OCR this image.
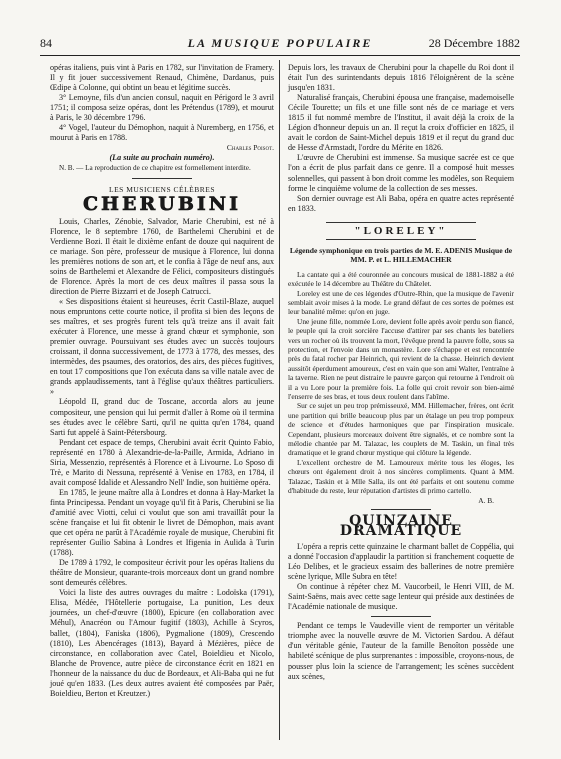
84	LA MUSIQUE POPULAIRE	28 Décembre 1882

opéras italiens, puis vint à Paris en 1782, sur l'invitation de Framery. Il y fit jouer successivement Renaud, Chimène, Dardanus, puis Œdipe à Colonne, qui obtint un beau et légitime succès.

3° Lemoyne, fils d'un ancien consul, naquit en Périgord le 3 avril 1751; il composa seize opéras, dont les Prétendus (1789), et mourut à Paris, le 30 décembre 1796.

4° Vogel, l'auteur du Démophon, naquit à Nuremberg, en 1756, et mourut à Paris en 1788.

Charles Poisot.
(La suite au prochain numéro).

N. B. — La reproduction de ce chapitre est formellement interdite.

LES MUSICIENS CÉLÈBRES
CHERUBINI

Louis, Charles, Zénobie, Salvador, Marie Cherubini, est né à Florence, le 8 septembre 1760, de Barthelemi Cherubini et de Verdienne Bozi. Il était le dixième enfant de douze qui naquirent de ce mariage. Son père, professeur de musique à Florence, lui donna les premières notions de son art, et le confia à l'âge de neuf ans, aux soins de Barthelemi et Alexandre de Félici, compositeurs distingués de Florence. Après la mort de ces deux maîtres il passa sous la direction de Pierre Bizzarri et de Joseph Catrucci.

« Ses dispositions étaient si heureuses, écrit Castil-Blaze, auquel nous empruntons cette courte notice, il profita si bien des leçons de ses maîtres, et ses progrès furent tels qu'à treize ans il avait fait exécuter à Florence, une messe à grand chœur et symphonie, son premier ouvrage. Poursuivant ses études avec un succès toujours croissant, il donna successivement, de 1773 à 1778, des messes, des intermèdes, des psaumes, des oratorios, des airs, des pièces fugitives, en tout 17 compositions que l'on exécuta dans sa ville natale avec de grands applaudissements, tant à l'église qu'aux théâtres particuliers. »

Léopold II, grand duc de Toscane, accorda alors au jeune compositeur, une pension qui lui permit d'aller à Rome où il termina ses études avec le célèbre Sarti, qu'il ne quitta qu'en 1784, quand Sarti fut appelé à Saint-Pétersbourg.

Pendant cet espace de temps, Cherubini avait écrit Quinto Fabio, représenté en 1780 à Alexandrie-de-la-Paille, Armida, Adriano in Siria, Messenzio, représentés à Florence et à Livourne. Lo Sposo di Trè, e Marito di Nessuna, représenté à Venise en 1783, en 1784, il avait composé Idalide et Alessandro Nell' Indie, son huitième opéra.

En 1785, le jeune maître alla à Londres et donna à Hay-Market la finta Principessa. Pendant un voyage qu'il fit à Paris, Cherubini se lia d'amitié avec Viotti, celui ci voulut que son ami travaillât pour la scène française et lui fit obtenir le livret de Démophon, mais avant que cet opéra ne parût à l'Académie royale de musique, Cherubini fit représenter Guilio Sabina à Londres et Ifigenia in Aulida à Turin (1788).

De 1789 à 1792, le compositeur écrivit pour les opéras Italiens du théâtre de Monsieur, quarante-trois morceaux dont un grand nombre sont demeurés célèbres.

Voici la liste des autres ouvrages du maître : Lodoïska (1791), Elisa, Médée, l'Hôtellerie portugaise, La punition, Les deux journées, un chef-d'œuvre (1800), Epicure (en collaboration avec Méhul), Anacréon ou l'Amour fugitif (1803), Achille à Scyros, ballet, (1804), Faniska (1806), Pygmalione (1809), Crescendo (1810), Les Abencérages (1813), Bayard à Mézières, pièce de circonstance, en collaboration avec Catel, Boieldieu et Nicolo, Blanche de Provence, autre pièce de circonstance écrit en 1821 en l'honneur de la naissance du duc de Bordeaux, et Ali-Baba qui ne fut joué qu'en 1833. (Les deux autres avaient été composées par Paër, Boieldieu, Berton et Kreutzer.)

Depuis lors, les travaux de Cherubini pour la chapelle du Roi dont il était l'un des surintendants depuis 1816 l'éloignèrent de la scène jusqu'en 1831.

Naturalisé français, Cherubini épousa une française, mademoiselle Cécile Tourette; un fils et une fille sont nés de ce mariage et vers 1815 il fut nommé membre de l'Institut, il avait déjà la croix de la Légion d'honneur depuis un an. Il reçut la croix d'officier en 1825, il avait le cordon de Saint-Michel depuis 1819 et il reçut du grand duc de Hesse d'Armstadt, l'ordre du Mérite en 1826.

L'œuvre de Cherubini est immense. Sa musique sacrée est ce que l'on a écrit de plus parfait dans ce genre. Il a composé huit messes solennelles, qui passent à bon droit comme les modèles, son Requiem forme le cinquième volume de la collection de ses messes.

Son dernier ouvrage est Ali Baba, opéra en quatre actes représenté en 1833.

"LORELEY"
Légende symphonique en trois parties de M. E. ADENIS Musique de MM. P. et L. HILLEMACHER

La cantate qui a été couronnée au concours musical de 1881-1882 a été exécutée le 14 décembre au Théâtre du Châtelet.

Loreley est une de ces légendes d'Outre-Rhin, que la musique de l'avenir semblait avoir mises à la mode. Le grand défaut de ces sortes de poèmes est leur banalité même: qu'on en juge.

Une jeune fille, nommée Lore, devient folle après avoir perdu son fiancé, le peuple qui la croit sorcière l'accuse d'attirer par ses chants les bateliers vers un rocher où ils trouvent la mort, l'évêque prend la pauvre folle, sous sa protection, et l'envoie dans un monastère. Lore s'échappe et est rencontrée près du fatal rocher par Heinrich, qui revient de la chasse. Heinrich devient aussitôt éperdument amoureux, c'est en vain que son ami Walter, l'entraîne à la taverne. Rien ne peut distraire le pauvre garçon qui retourne à l'endroit où il a vu Lore pour la première fois. La folle qui croit revoir son bien-aimé l'enserre de ses bras, et tous deux roulent dans l'abîme.

Sur ce sujet un peu trop prémisseuxé, MM. Hillemacher, frères, ont écrit une partition qui brille beaucoup plus par un étalage un peu trop pompeux de science et d'études harmoniques que par l'inspiration musicale. Cependant, plusieurs morceaux doivent être signalés, et ce nombre sont la mélodie chantée par M. Talazac, les couplets de M. Taskin, un final très dramatique et le grand chœur mystique qui clôture la légende.

L'excellent orchestre de M. Lamoureux mérite tous les éloges, les chœurs ont également droit à nos sincères compliments. Quant à MM. Talazac, Taskin et à Mlle Salla, ils ont été parfaits et ont soutenu comme d'habitude du reste, leur réputation d'artistes di primo cartello.

A. B.
QUINZAINE DRAMATIQUE

L'opéra a repris cette quinzaine le charmant ballet de Coppélia, qui a donné l'occasion d'applaudir la partition si franchement coquette de Léo Delibes, et le gracieux essaim des ballerines de notre première scène lyrique, Mlle Subra en tête!

On continue à répéter chez M. Vaucorbeil, le Henri VIII, de M. Saint-Saëns, mais avec cette sage lenteur qui préside aux destinées de l'Académie nationale de musique.

Pendant ce temps le Vaudeville vient de remporter un véritable triomphe avec la nouvelle œuvre de M. Victorien Sardou. A défaut d'un véritable génie, l'auteur de la famille Benoîton possède une habileté scénique de plus surprenantes : impossible, croyons-nous, de pousser plus loin la science de l'arrangement; les scènes succèdent aux scènes,
